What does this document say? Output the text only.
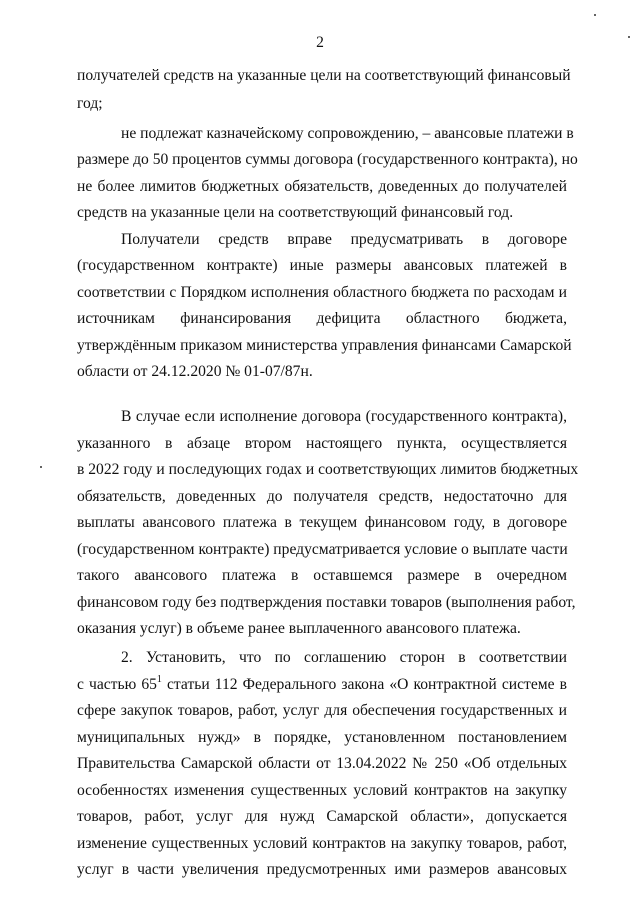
2
получателей средств на указанные цели на соответствующий финансовый
год;
не подлежат казначейскому сопровождению, – авансовые платежи в
размере до 50 процентов суммы договора (государственного контракта), но
не более лимитов бюджетных обязательств, доведенных до получателей
средств на указанные цели на соответствующий финансовый год.
Получатели средств вправе предусматривать в договоре
(государственном контракте) иные размеры авансовых платежей в
соответствии с Порядком исполнения областного бюджета по расходам и
источникам финансирования дефицита областного бюджета,
утверждённым приказом министерства управления финансами Самарской
области от 24.12.2020 № 01-07/87н.
В случае если исполнение договора (государственного контракта),
указанного в абзаце втором настоящего пункта, осуществляется
в 2022 году и последующих годах и соответствующих лимитов бюджетных
обязательств, доведенных до получателя средств, недостаточно для
выплаты авансового платежа в текущем финансовом году, в договоре
(государственном контракте) предусматривается условие о выплате части
такого авансового платежа в оставшемся размере в очередном
финансовом году без подтверждения поставки товаров (выполнения работ,
оказания услуг) в объеме ранее выплаченного авансового платежа.
2. Установить, что по соглашению сторон в соответствии
с частью $65^1$ статьи 112 Федерального закона «О контрактной системе в
сферe закупок товаров, работ, услуг для обеспечения государственных и
муниципальных нужд» в порядке, установленном постановлением
Правительства Самарской области от 13.04.2022 № 250 «Об отдельных
особенностях изменения существенных условий контрактов на закупку
товаров, работ, услуг для нужд Самарской области», допускается
изменение существенных условий контрактов на закупку товаров, работ,
услуг в части увеличения предусмотренных ими размеров авансовых
